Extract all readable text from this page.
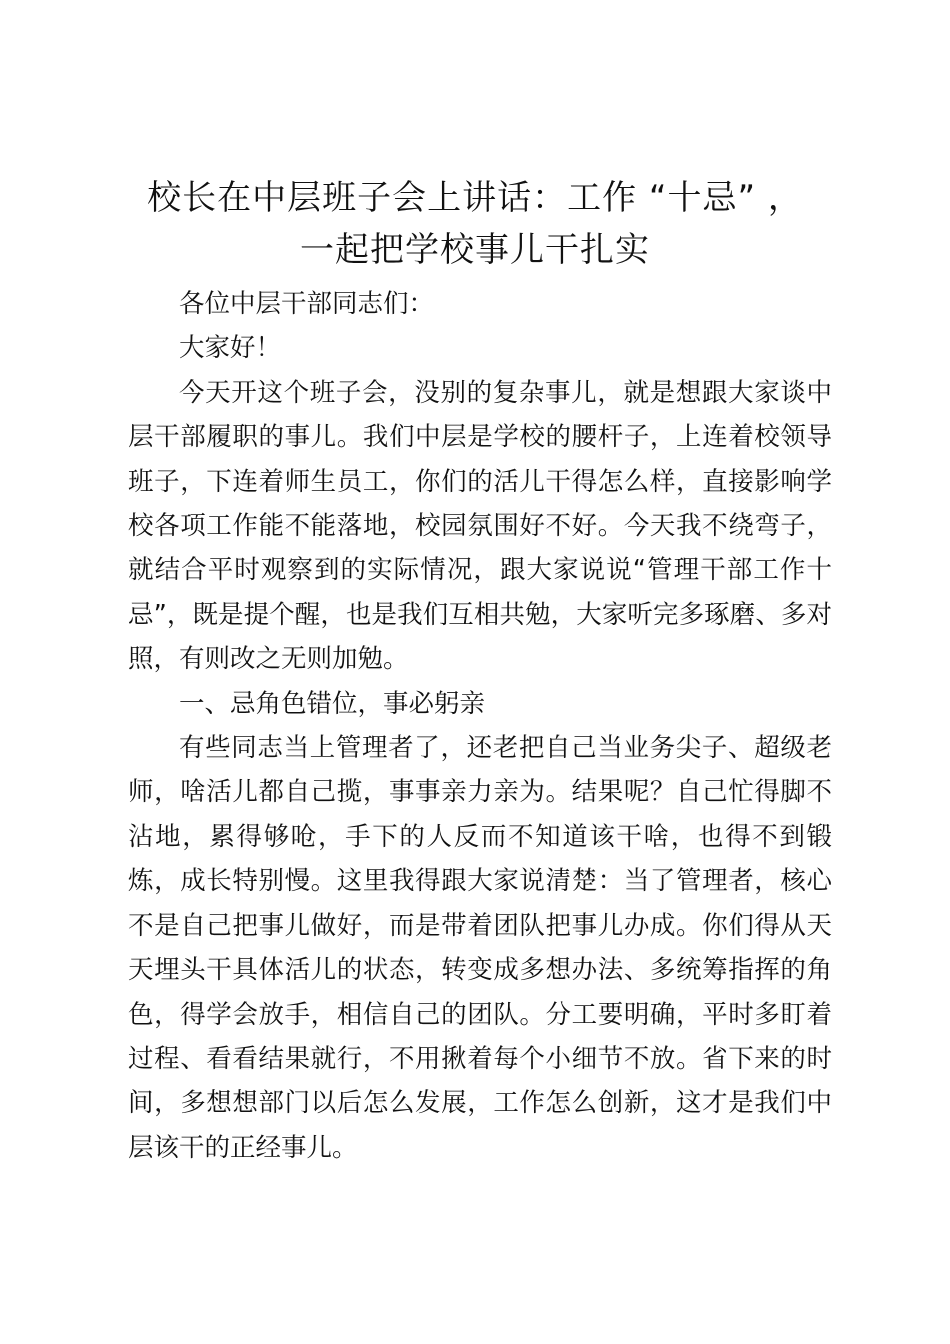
校长在中层班子会上讲话：工作 “十忌” ，
一起把学校事儿干扎实

各位中层干部同志们：

大家好！

今天开这个班子会，没别的复杂事儿，就是想跟大家谈中层干部履职的事儿。我们中层是学校的腰杆子，上连着校领导班子，下连着师生员工，你们的活儿干得怎么样，直接影响学校各项工作能不能落地，校园氛围好不好。今天我不绕弯子，就结合平时观察到的实际情况，跟大家说说“管理干部工作十忌”，既是提个醒，也是我们互相共勉，大家听完多琢磨、多对照，有则改之无则加勉。

一、忌角色错位，事必躬亲

有些同志当上管理者了，还老把自己当业务尖子、超级老师，啥活儿都自己揽，事事亲力亲为。结果呢？自己忙得脚不沾地，累得够呛，手下的人反而不知道该干啥，也得不到锻炼，成长特别慢。这里我得跟大家说清楚：当了管理者，核心不是自己把事儿做好，而是带着团队把事儿办成。你们得从天天埋头干具体活儿的状态，转变成多想办法、多统筹指挥的角色，得学会放手，相信自己的团队。分工要明确，平时多盯着过程、看看结果就行，不用揪着每个小细节不放。省下来的时间，多想想部门以后怎么发展，工作怎么创新，这才是我们中层该干的正经事儿。
